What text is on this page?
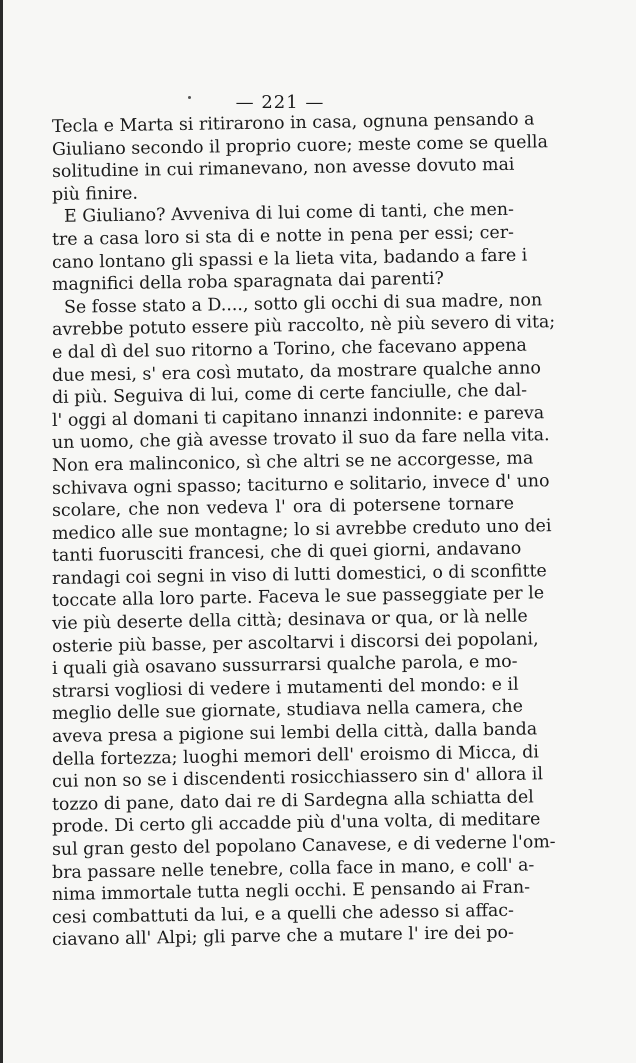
— 221 —
Tecla e Marta si ritirarono in casa, ognuna pensando a
Giuliano secondo il proprio cuore; meste come se quella
solitudine in cui rimanevano, non avesse dovuto mai
più finire.
E Giuliano? Avveniva di lui come di tanti, che men-
tre a casa loro si sta di e notte in pena per essi; cer-
cano lontano gli spassi e la lieta vita, badando a fare i
magnifici della roba sparagnata dai parenti?
Se fosse stato a D...., sotto gli occhi di sua madre, non
avrebbe potuto essere più raccolto, nè più severo di vita;
e dal dì del suo ritorno a Torino, che facevano appena
due mesi, s' era così mutato, da mostrare qualche anno
di più. Seguiva di lui, come di certe fanciulle, che dal-
l' oggi al domani ti capitano innanzi indonnite: e pareva
un uomo, che già avesse trovato il suo da fare nella vita.
Non era malinconico, sì che altri se ne accorgesse, ma
schivava ogni spasso; taciturno e solitario, invece d' uno
scolare, che non vedeva l' ora di potersene tornare
medico alle sue montagne; lo si avrebbe creduto uno dei
tanti fuorusciti francesi, che di quei giorni, andavano
randagi coi segni in viso di lutti domestici, o di sconfitte
toccate alla loro parte. Faceva le sue passeggiate per le
vie più deserte della città; desinava or qua, or là nelle
osterie più basse, per ascoltarvi i discorsi dei popolani,
i quali già osavano sussurrarsi qualche parola, e mo-
strarsi vogliosi di vedere i mutamenti del mondo: e il
meglio delle sue giornate, studiava nella camera, che
aveva presa a pigione sui lembi della città, dalla banda
della fortezza; luoghi memori dell' eroismo di Micca, di
cui non so se i discendenti rosicchiassero sin d' allora il
tozzo di pane, dato dai re di Sardegna alla schiatta del
prode. Di certo gli accadde più d'una volta, di meditare
sul gran gesto del popolano Canavese, e di vederne l'om-
bra passare nelle tenebre, colla face in mano, e coll' a-
nima immortale tutta negli occhi. E pensando ai Fran-
cesi combattuti da lui, e a quelli che adesso si affac-
ciavano all' Alpi; gli parve che a mutare l' ire dei po-
